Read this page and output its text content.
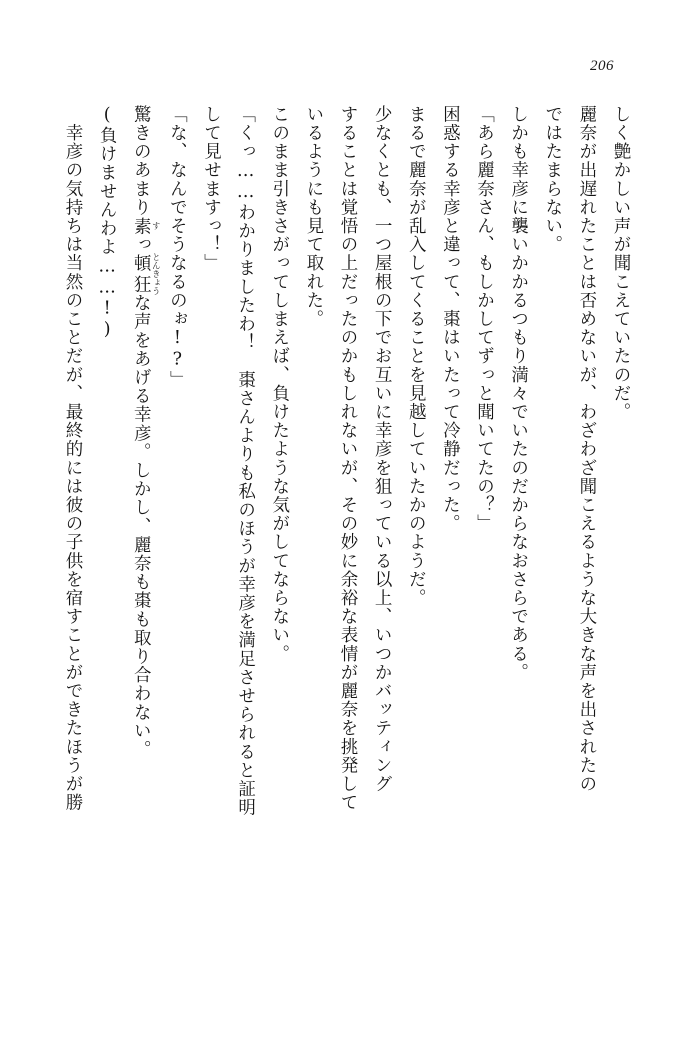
206
しく艶かしい声が聞こえていたのだ。
麗奈が出遅れたことは否めないが、わざわざ聞こえるような大きな声を出されたの
ではたまらない。
しかも幸彦に襲いかかるつもり満々でいたのだからなおさらである。
「あら麗奈さん、もしかしてずっと聞いてたの？」
困惑する幸彦と違って、棗はいたって冷静だった。
まるで麗奈が乱入してくることを見越していたかのようだ。
少なくとも、一つ屋根の下でお互いに幸彦を狙っている以上、いつかバッティング
することは覚悟の上だったのかもしれないが、その妙に余裕な表情が麗奈を挑発して
いるようにも見て取れた。
このまま引きさがってしまえば、負けたような気がしてならない。
「くっ……わかりましたわ！　棗さんよりも私のほうが幸彦を満足させられると証明
して見せますっ！」
「な、なんでそうなるのぉ!?」
驚きのあまり素 すっ頓狂 とんきょうな声をあげる幸彦。しかし、麗奈も棗も取り合わない。
(負けませんわよ……!)
　幸彦の気持ちは当然のことだが、最終的には彼の子供を宿すことができたほうが勝
